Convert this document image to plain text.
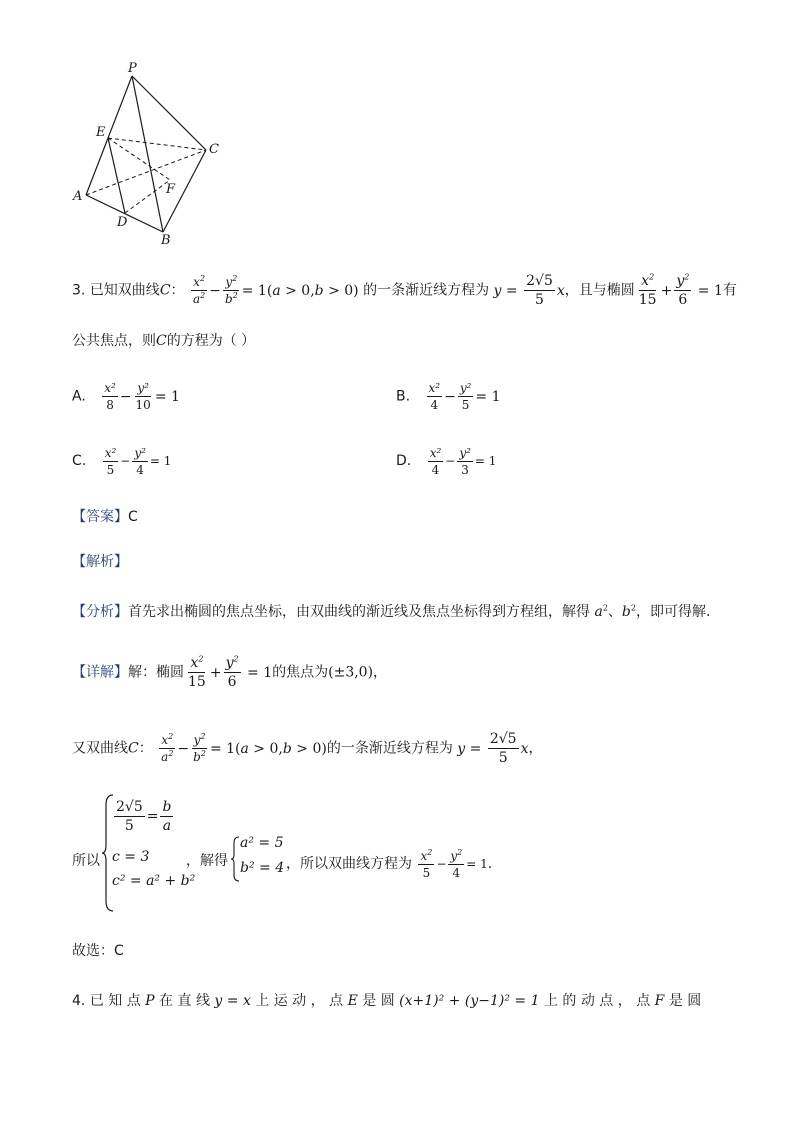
P
E
C
F
A
D
B
3. 已知双曲线C： $\frac{x^2}{a^2} - \frac{y^2}{b^2} = 1(a > 0,b > 0)$ 的一条渐近线方程为 $y = \frac{2√5}{5}$ x，且与椭圆 $\frac{x^2}{15} + \frac{y^2}{6} = 1$有
公共焦点，则C的方程为（ ）
A. $\frac{\text{x²}}{8} - \frac{\text{y²}}{10} = 1$	B. $\frac{\text{x²}}{4} - \frac{\text{y²}}{5} = 1$
C. $\frac{\text{x²}}{5} - \frac{\text{y²}}{4} = 1$	D. $\frac{\text{x²}}{4} - \frac{\text{y²}}{3} = 1$
【答案】C
【解析】
【分析】首先求出椭圆的焦点坐标，由双曲线的渐近线及焦点坐标得到方程组，解得 $a^2$、$b^2$，即可得解.
【详解】解：椭圆 $\frac{x^2}{15} + \frac{y^2}{6} = 1$的焦点为(±3,0)，
又双曲线C： $\frac{x^2}{a^2} - \frac{y^2}{b^2} = 1(a > 0,b > 0)$的一条渐近线方程为 $y = \frac{2√5}{5}$ x，
所以
$\frac{2√5}{5} = \frac{b}{a}$
c = 3
c² = a² + b²
，解得
a² = 5
b² = 4 ，所以双曲线方程为 $\frac{x^2}{5} - \frac{y^2}{4} = 1$.
故选：C
4. 已 知 点 P 在 直 线 y = x 上 运 动 ， 点 E 是 圆 (x+1)² + (y−1)² = 1 上 的 动 点 ， 点 F 是 圆
